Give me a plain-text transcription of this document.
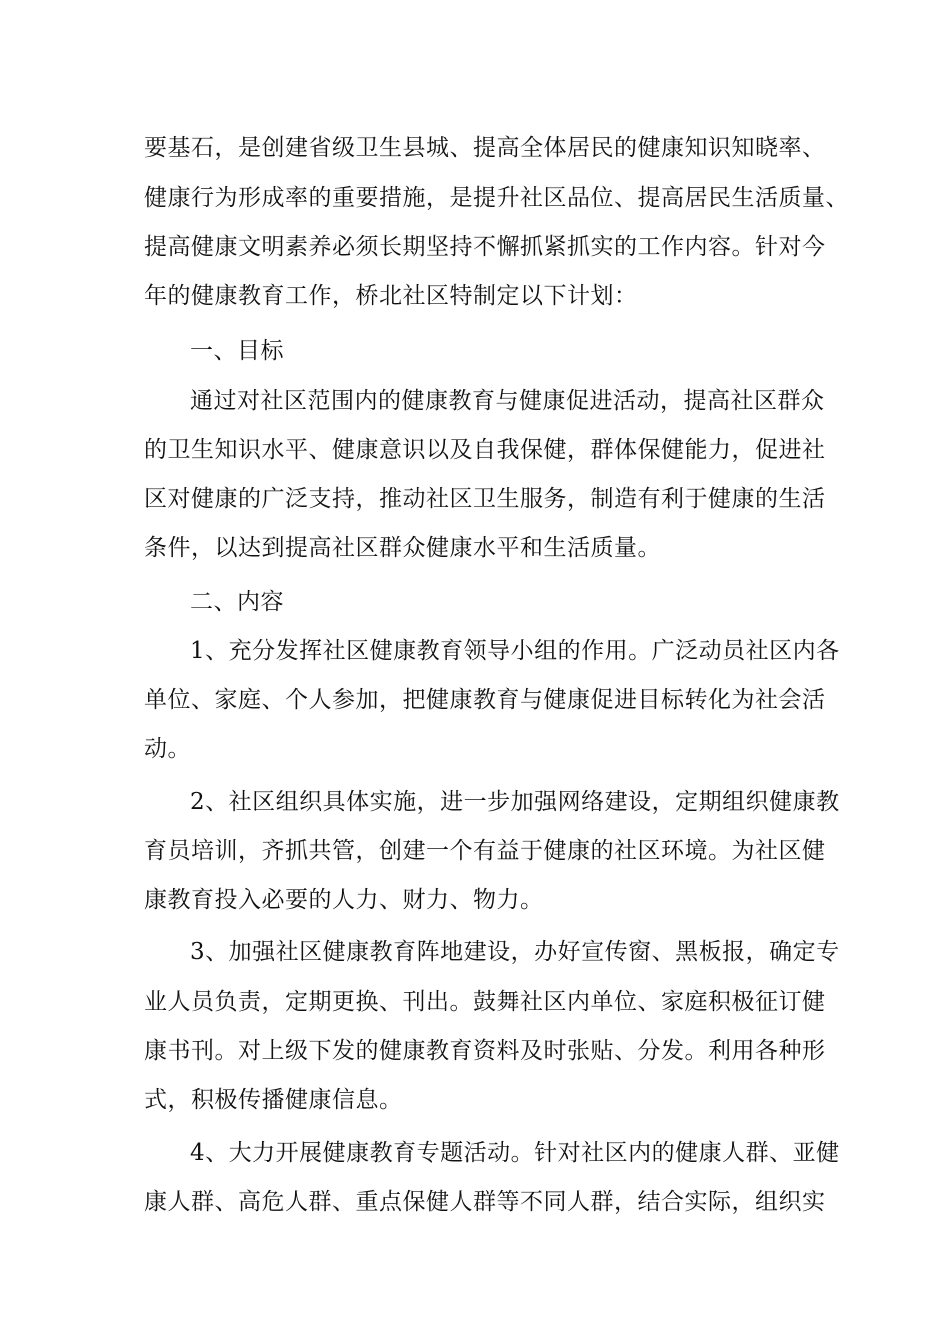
要基石，是创建省级卫生县城、提高全体居民的健康知识知晓率、
健康行为形成率的重要措施，是提升社区品位、提高居民生活质量、
提高健康文明素养必须长期坚持不懈抓紧抓实的工作内容。针对今
年的健康教育工作，桥北社区特制定以下计划：
一、目标
通过对社区范围内的健康教育与健康促进活动，提高社区群众
的卫生知识水平、健康意识以及自我保健，群体保健能力，促进社
区对健康的广泛支持，推动社区卫生服务，制造有利于健康的生活
条件，以达到提高社区群众健康水平和生活质量。
二、内容
1、充分发挥社区健康教育领导小组的作用。广泛动员社区内各
单位、家庭、个人参加，把健康教育与健康促进目标转化为社会活
动。
2、社区组织具体实施，进一步加强网络建设，定期组织健康教
育员培训，齐抓共管，创建一个有益于健康的社区环境。为社区健
康教育投入必要的人力、财力、物力。
3、加强社区健康教育阵地建设，办好宣传窗、黑板报，确定专
业人员负责，定期更换、刊出。鼓舞社区内单位、家庭积极征订健
康书刊。对上级下发的健康教育资料及时张贴、分发。利用各种形
式，积极传播健康信息。
4、大力开展健康教育专题活动。针对社区内的健康人群、亚健
康人群、高危人群、重点保健人群等不同人群，结合实际，组织实
